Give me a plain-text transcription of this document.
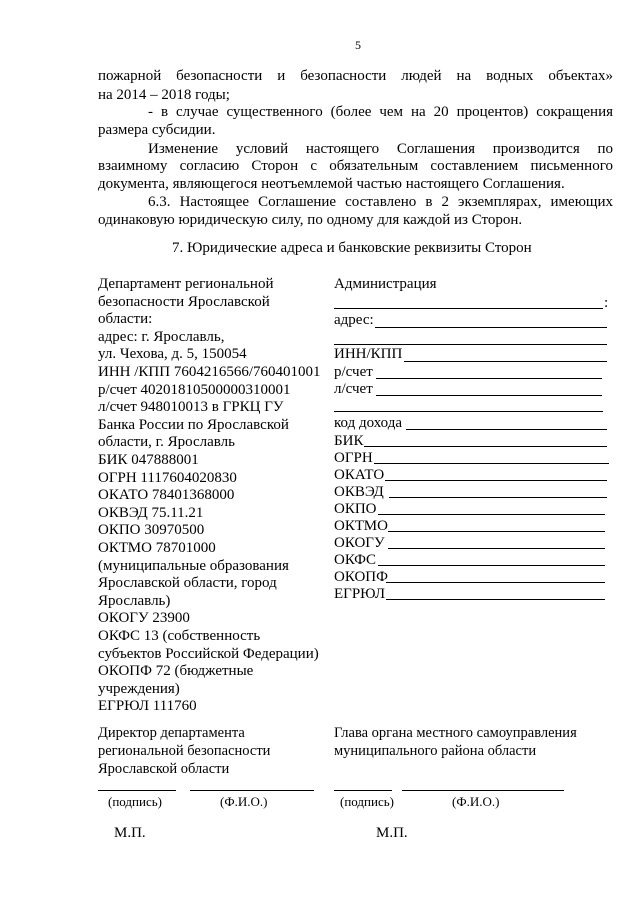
5
пожарной безопасности и безопасности людей на водных объектах»
на 2014 – 2018 годы;
- в случае существенного (более чем на 20 процентов) сокращения
размера субсидии.
Изменение условий настоящего Соглашения производится по
взаимному согласию Сторон с обязательным составлением письменного
документа, являющегося неотъемлемой частью настоящего Соглашения.
6.3. Настоящее Соглашение составлено в 2 экземплярах, имеющих
одинаковую юридическую силу, по одному для каждой из Сторон.
7. Юридические адреса и банковские реквизиты Сторон
Департамент региональной
безопасности Ярославской
области:
адрес: г. Ярославль,
ул. Чехова, д. 5, 150054
ИНН /КПП 7604216566/760401001
р/счет 40201810500000310001
л/счет 948010013 в ГРКЦ ГУ
Банка России по Ярославской
области, г. Ярославль
БИК 047888001
ОГРН 1117604020830
ОКАТО 78401368000
ОКВЭД 75.11.21
ОКПО 30970500
ОКТМО 78701000
(муниципальные образования
Ярославской области, город
Ярославль)
ОКОГУ 23900
ОКФС 13 (собственность
субъектов Российской Федерации)
ОКОПФ 72 (бюджетные
учреждения)
ЕГРЮЛ 111760
Администрация
:
адрес:
ИНН/КПП
р/счет
л/счет
код дохода
БИК
ОГРН
ОКАТО
ОКВЭД
ОКПО
ОКТМО
ОКОГУ
ОКФС
ОКОПФ
ЕГРЮЛ
Директор департамента
региональной безопасности
Ярославской области
Глава органа местного самоуправления
муниципального района области
(подпись)	(Ф.И.О.)	(подпись)	(Ф.И.О.)
М.П.	М.П.
